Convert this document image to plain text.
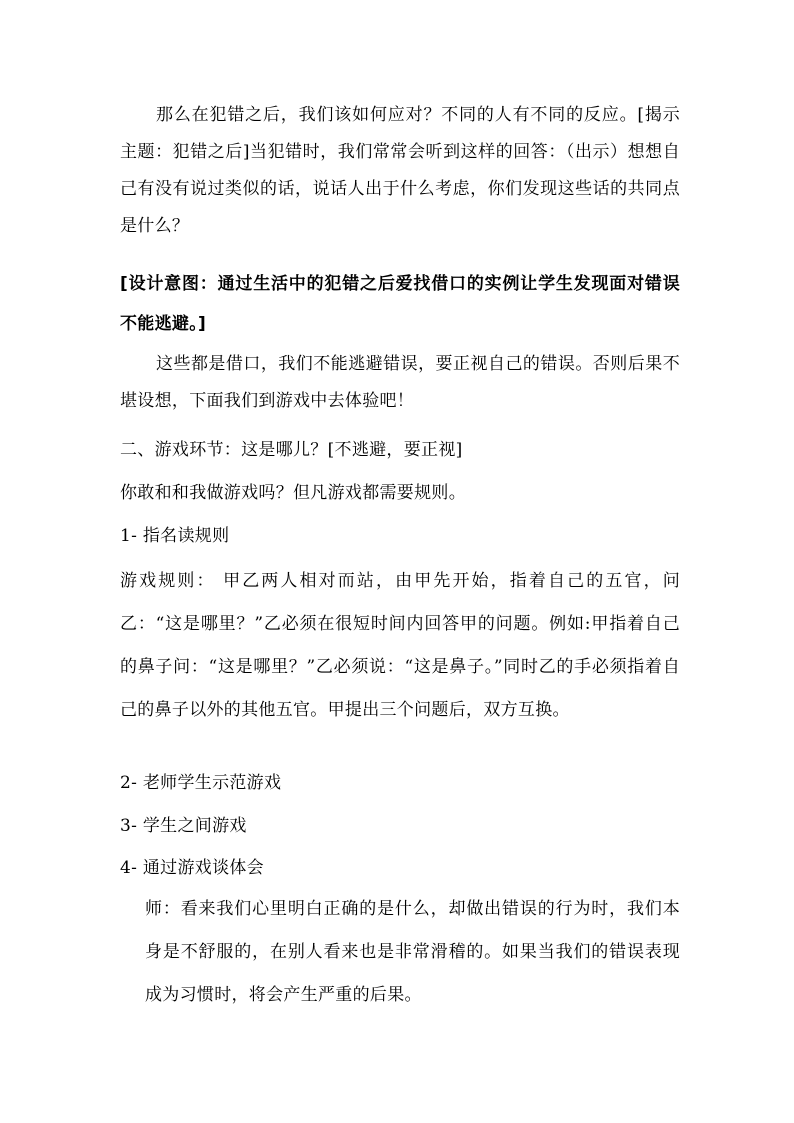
那么在犯错之后，我们该如何应对？不同的人有不同的反应。[揭示主题：犯错之后]当犯错时，我们常常会听到这样的回答：（出示）想想自己有没有说过类似的话，说话人出于什么考虑，你们发现这些话的共同点是什么？
[设计意图：通过生活中的犯错之后爱找借口的实例让学生发现面对错误不能逃避。]
这些都是借口，我们不能逃避错误，要正视自己的错误。否则后果不堪设想，下面我们到游戏中去体验吧！
二、游戏环节：这是哪儿？[不逃避，要正视]
你敢和和我做游戏吗？但凡游戏都需要规则。
1- 指名读规则
游戏规则： 甲乙两人相对而站，由甲先开始，指着自己的五官，问乙：“这是哪里？”乙必须在很短时间内回答甲的问题。例如:甲指着自己的鼻子问：“这是哪里？”乙必须说：“这是鼻子。”同时乙的手必须指着自己的鼻子以外的其他五官。甲提出三个问题后，双方互换。
2- 老师学生示范游戏
3- 学生之间游戏
4- 通过游戏谈体会
师：看来我们心里明白正确的是什么，却做出错误的行为时，我们本身是不舒服的，在别人看来也是非常滑稽的。如果当我们的错误表现成为习惯时，将会产生严重的后果。
